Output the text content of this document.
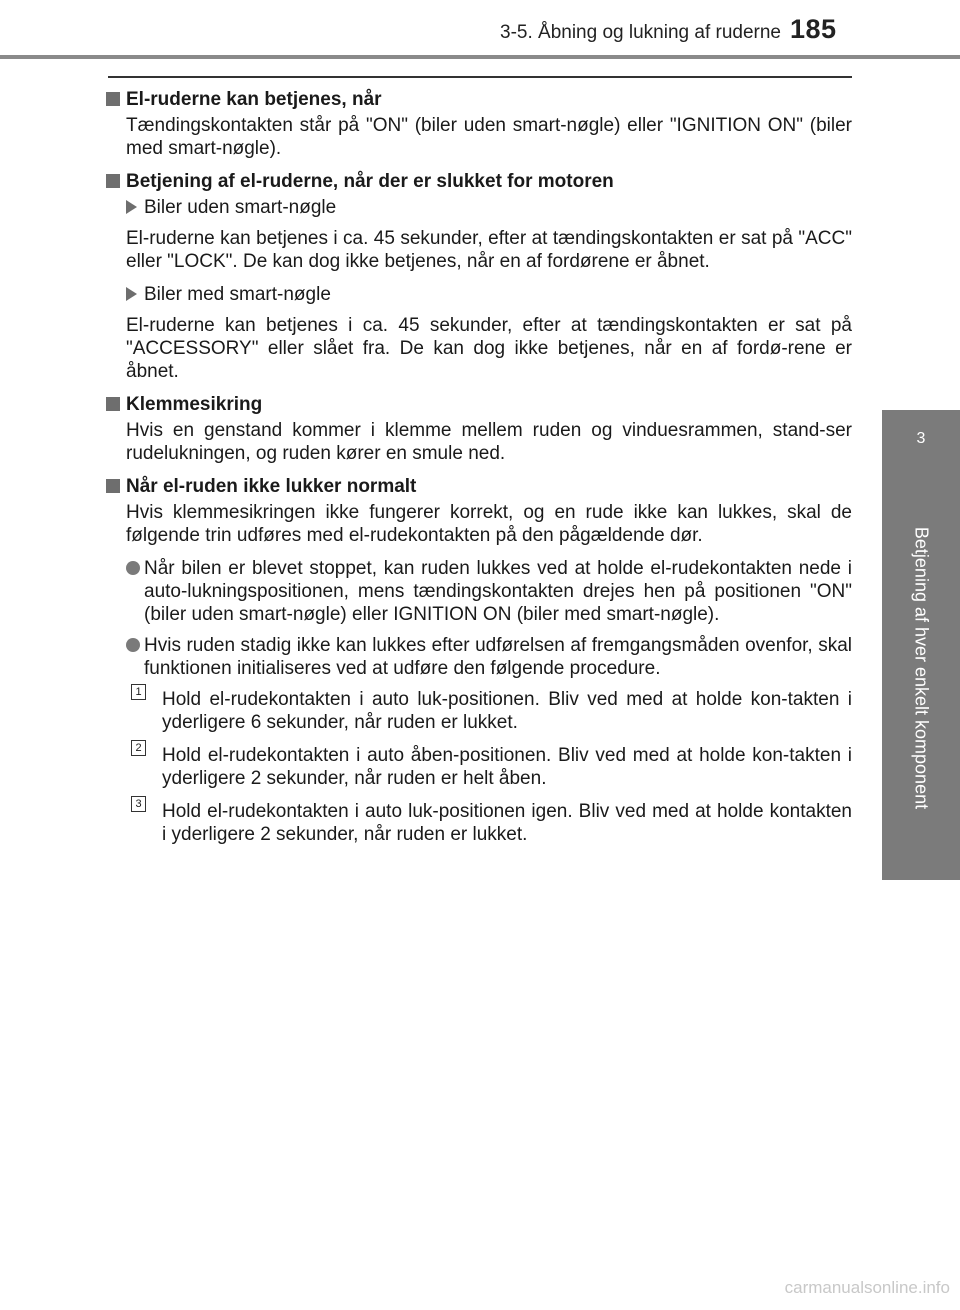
3-5. Åbning og lukning af ruderne 185
3
Betjening af hver enkelt komponent
El-ruderne kan betjenes, når
Tændingskontakten står på "ON" (biler uden smart-nøgle) eller "IGNITION ON" (biler med smart-nøgle).
Betjening af el-ruderne, når der er slukket for motoren
Biler uden smart-nøgle
El-ruderne kan betjenes i ca. 45 sekunder, efter at tændingskontakten er sat på "ACC" eller "LOCK". De kan dog ikke betjenes, når en af fordørene er åbnet.
Biler med smart-nøgle
El-ruderne kan betjenes i ca. 45 sekunder, efter at tændingskontakten er sat på "ACCESSORY" eller slået fra. De kan dog ikke betjenes, når en af fordø-rene er åbnet.
Klemmesikring
Hvis en genstand kommer i klemme mellem ruden og vinduesrammen, stand-ser rudelukningen, og ruden kører en smule ned.
Når el-ruden ikke lukker normalt
Hvis klemmesikringen ikke fungerer korrekt, og en rude ikke kan lukkes, skal de følgende trin udføres med el-rudekontakten på den pågældende dør.
Når bilen er blevet stoppet, kan ruden lukkes ved at holde el-rudekontakten nede i auto-lukningspositionen, mens tændingskontakten drejes hen på positionen "ON" (biler uden smart-nøgle) eller IGNITION ON (biler med smart-nøgle).
Hvis ruden stadig ikke kan lukkes efter udførelsen af fremgangsmåden ovenfor, skal funktionen initialiseres ved at udføre den følgende procedure.
1 Hold el-rudekontakten i auto luk-positionen. Bliv ved med at holde kon-takten i yderligere 6 sekunder, når ruden er lukket.
2 Hold el-rudekontakten i auto åben-positionen. Bliv ved med at holde kon-takten i yderligere 2 sekunder, når ruden er helt åben.
3 Hold el-rudekontakten i auto luk-positionen igen. Bliv ved med at holde kontakten i yderligere 2 sekunder, når ruden er lukket.
carmanualsonline.info
